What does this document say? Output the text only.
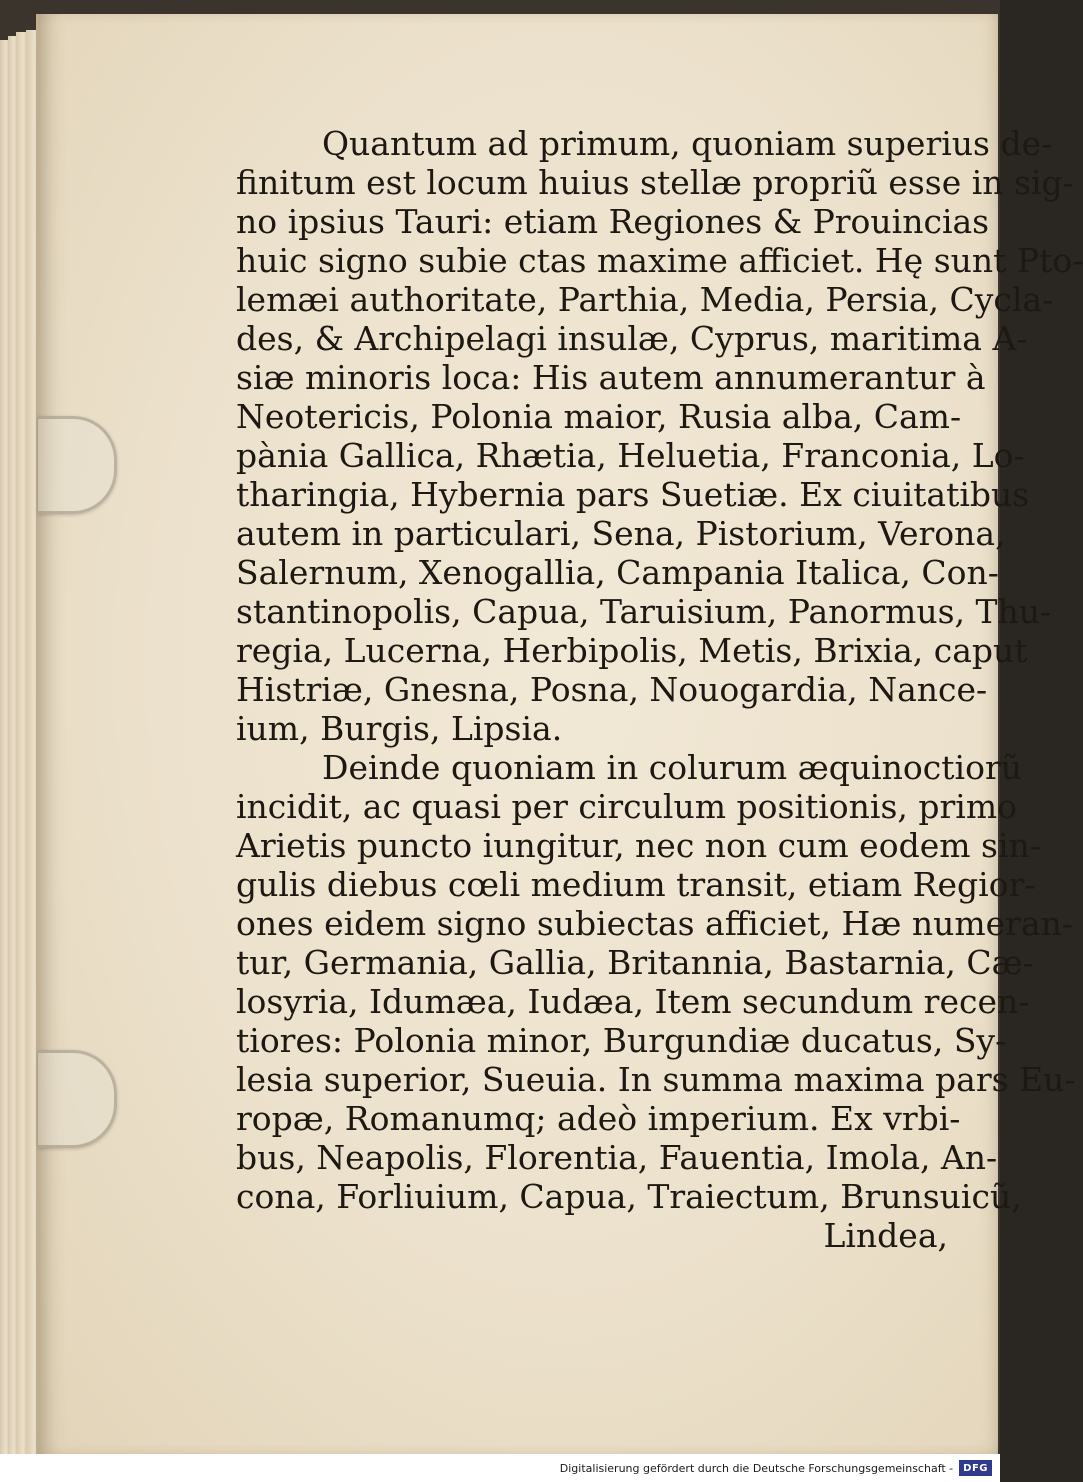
Quantum ad primum, quoniam superius de-
finitum est locum huius stellæ propriũ esse in sig-
no ipsius Tauri: etiam Regiones & Prouincias
huic signo subie ctas maxime afficiet. Hę sunt Pto-
lemæi authoritate, Parthia, Media, Persia, Cycla-
des, & Archipelagi insulæ, Cyprus, maritima A-
siæ minoris loca: His autem annumerantur à
Neotericis, Polonia maior, Rusia alba, Cam-
pània Gallica, Rhætia, Heluetia, Franconia, Lo-
tharingia, Hybernia pars Suetiæ. Ex ciuitatibus
autem in particulari, Sena, Pistorium, Verona,
Salernum, Xenogallia, Campania Italica, Con-
stantinopolis, Capua, Taruisium, Panormus, Thu-
regia, Lucerna, Herbipolis, Metis, Brixia, caput
Histriæ, Gnesna, Posna, Nouogardia, Nance-
ium, Burgis, Lipsia.
Deinde quoniam in colurum æquinoctiorũ
incidit, ac quasi per circulum positionis, primo
Arietis puncto iungitur, nec non cum eodem sin-
gulis diebus cœli medium transit, etiam Regior-
ones eidem signo subiectas afficiet, Hæ numeran-
tur, Germania, Gallia, Britannia, Bastarnia, Cæ-
losyria, Idumæa, Iudæa, Item secundum recen-
tiores: Polonia minor, Burgundiæ ducatus, Sy-
lesia superior, Sueuia. In summa maxima pars Eu-
ropæ, Romanumq; adeò imperium. Ex vrbi-
bus, Neapolis, Florentia, Fauentia, Imola, An-
cona, Forliuium, Capua, Traiectum, Brunsuicũ,
Lindea,
Digitalisierung gefördert durch die Deutsche Forschungsgemeinschaft -	DFG
